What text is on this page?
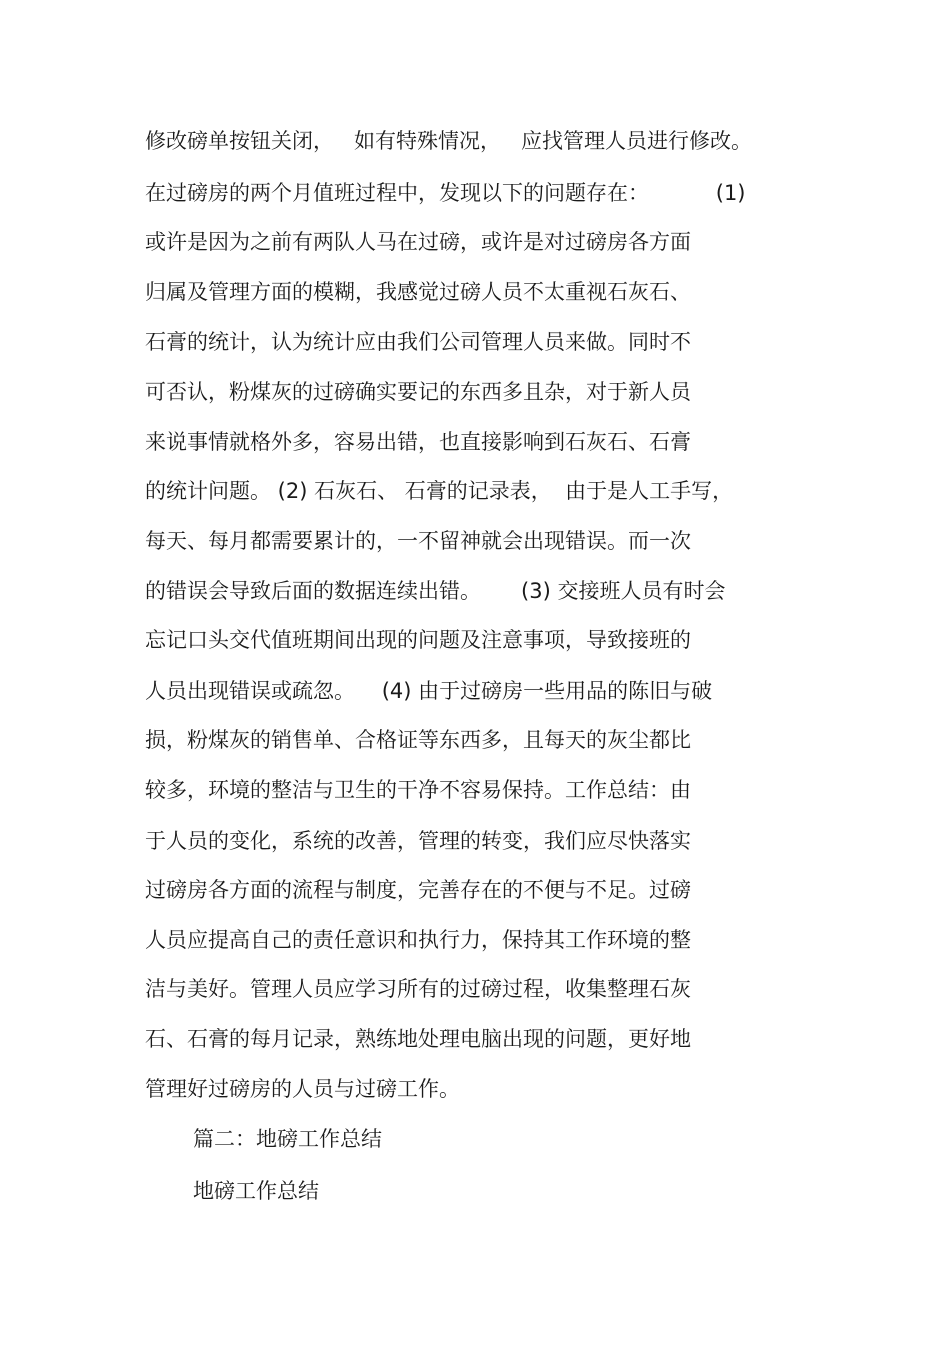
修改磅单按钮关闭，   如有特殊情况，   应找管理人员进行修改。
在过磅房的两个月值班过程中，发现以下的问题存在：          (1)
或许是因为之前有两队人马在过磅，或许是对过磅房各方面
归属及管理方面的模糊，我感觉过磅人员不太重视石灰石、
石膏的统计，认为统计应由我们公司管理人员来做。同时不
可否认，粉煤灰的过磅确实要记的东西多且杂，对于新人员
来说事情就格外多，容易出错，也直接影响到石灰石、石膏
的统计问题。 (2) 石灰石、 石膏的记录表，  由于是人工手写，
每天、每月都需要累计的，一不留神就会出现错误。而一次
的错误会导致后面的数据连续出错。      (3) 交接班人员有时会
忘记口头交代值班期间出现的问题及注意事项，导致接班的
人员出现错误或疏忽。    (4) 由于过磅房一些用品的陈旧与破
损，粉煤灰的销售单、合格证等东西多，且每天的灰尘都比
较多，环境的整洁与卫生的干净不容易保持。工作总结：由
于人员的变化，系统的改善，管理的转变，我们应尽快落实
过磅房各方面的流程与制度，完善存在的不便与不足。过磅
人员应提高自己的责任意识和执行力，保持其工作环境的整
洁与美好。管理人员应学习所有的过磅过程，收集整理石灰
石、石膏的每月记录，熟练地处理电脑出现的问题，更好地
管理好过磅房的人员与过磅工作。
篇二：地磅工作总结
地磅工作总结
